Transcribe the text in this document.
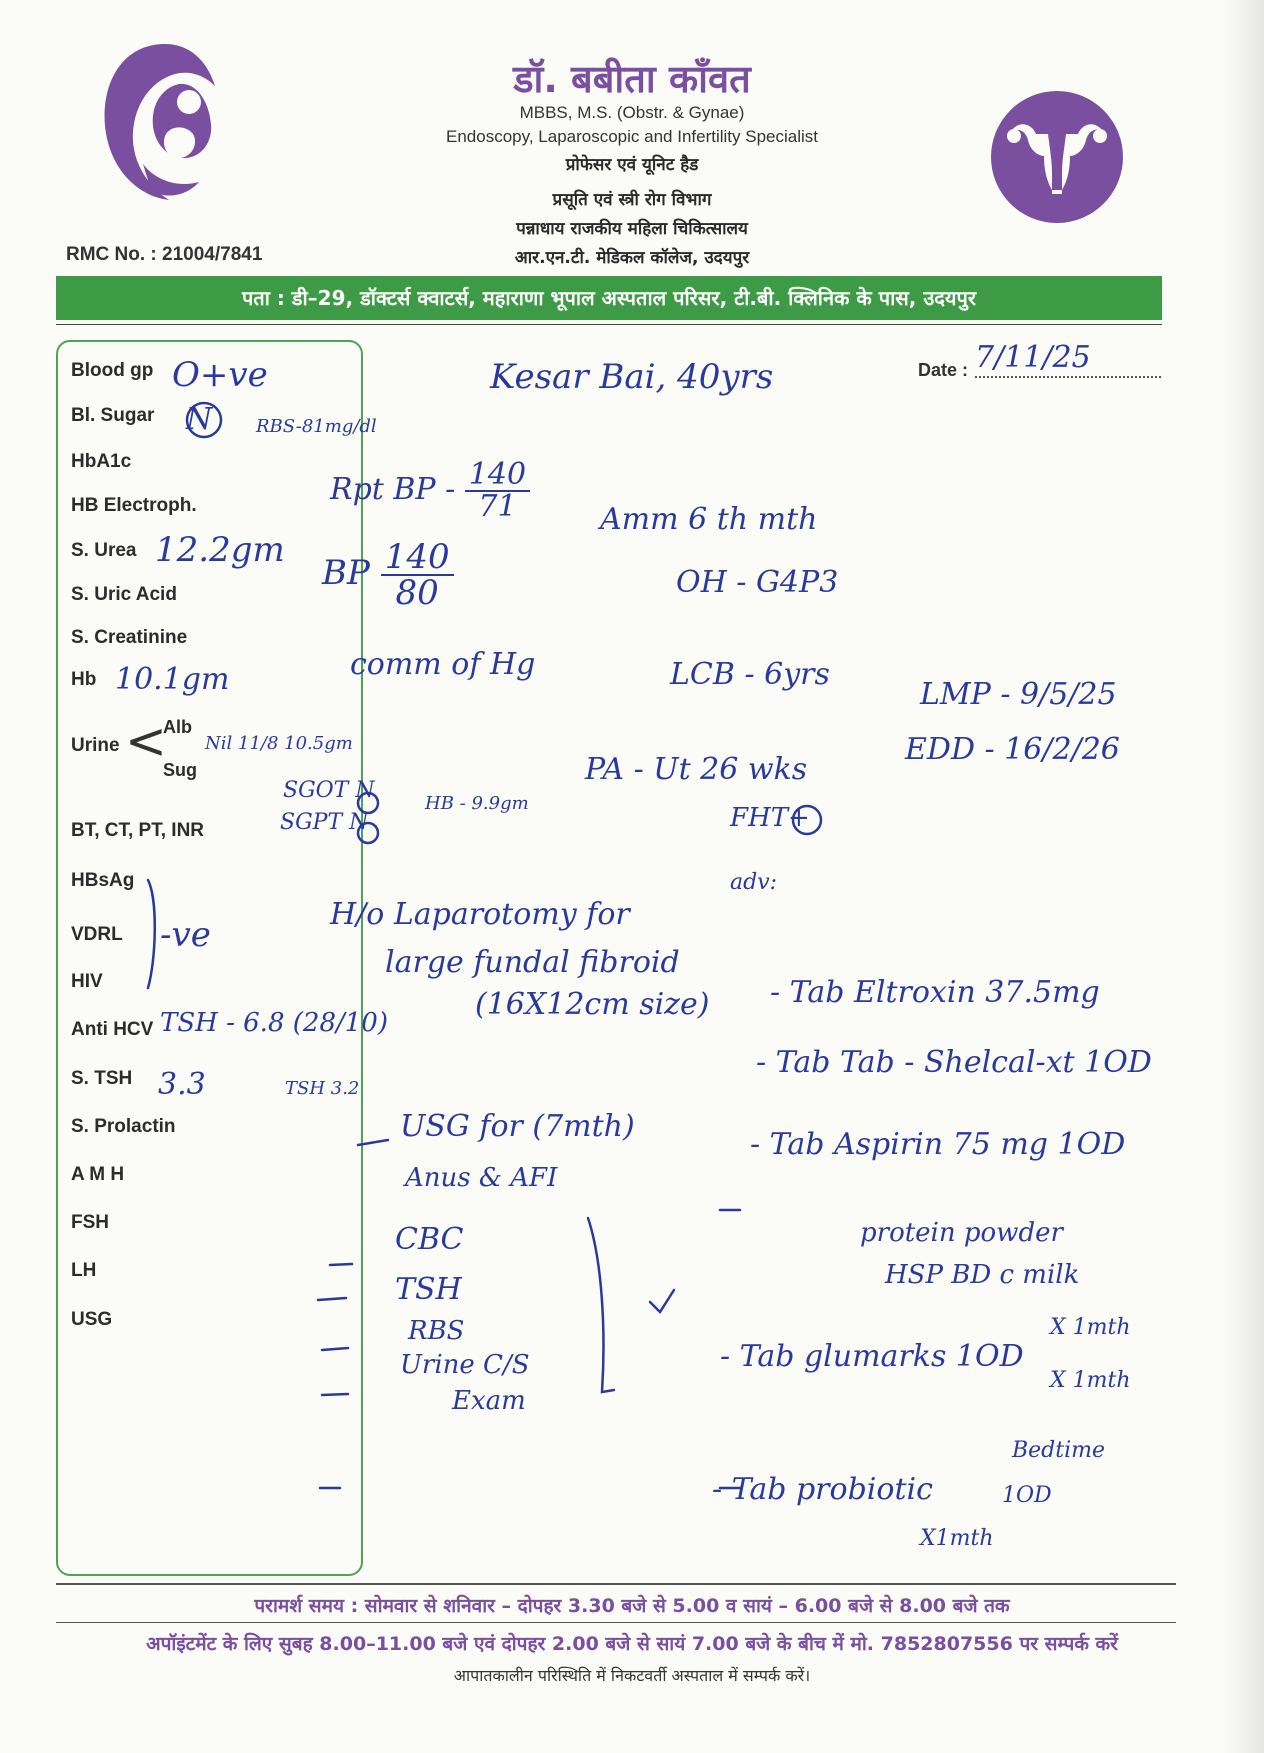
डॉ. बबीता काँवत
MBBS, M.S. (Obstr. & Gynae)
Endoscopy, Laparoscopic and Infertility Specialist
प्रोफेसर एवं यूनिट हैड
प्रसूति एवं स्त्री रोग विभाग
पन्नाधाय राजकीय महिला चिकित्सालय
आर.एन.टी. मेडिकल कॉलेज, उदयपुर
RMC No. : 21004/7841
पता : डी–29, डॉक्टर्स क्वाटर्स, महाराणा भूपाल अस्पताल परिसर, टी.बी. क्लिनिक के पास, उदयपुर
Blood gp
Bl. Sugar
HbA1c
HB Electroph.
S. Urea
S. Uric Acid
S. Creatinine
Hb
Urine <
Alb
Sug
BT, CT, PT, INR
HBsAg
VDRL
HIV
Anti HCV
S. TSH
S. Prolactin
A M H
FSH
LH
USG
Date : 7/11/25
Kesar Bai, 40yrs
O+ve
N RBS-81mg/dl
Rpt BP - $\frac{140}{71}$
BP $\frac{140}{80}$
12.2gm
Amm 6 th mth
OH - G4P3
LCB - 6yrs
10.1gm	comm of Hg
LMP - 9/5/25
EDD - 16/2/26
Nil 11/8 10.5gm
SGOT N
SGPT N
HB - 9.9gm
PA - Ut 26 wks
FHT+
adv:
-ve
H/o Laparotomy for
large fundal fibroid
(16X12cm size)
TSH - 6.8 (28/10)
3.3	TSH 3.2
USG for (7mth)
Anus & AFI
CBC
TSH
RBS
Urine C/S
Exam
- Tab Eltroxin 37.5mg
- Tab Tab - Shelcal-xt 1OD
- Tab Aspirin 75 mg 1OD
protein powder
HSP BD c milk
- Tab glumarks 1OD
X 1mth
X 1mth
- Tab probiotic
Bedtime
1OD
X1mth
परामर्श समय : सोमवार से शनिवार – दोपहर 3.30 बजे से 5.00 व सायं – 6.00 बजे से 8.00 बजे तक
अपॉइंटमेंट के लिए सुबह 8.00–11.00 बजे एवं दोपहर 2.00 बजे से सायं 7.00 बजे के बीच में मो. 7852807556 पर सम्पर्क करें
आपातकालीन परिस्थिति में निकटवर्ती अस्पताल में सम्पर्क करें।
